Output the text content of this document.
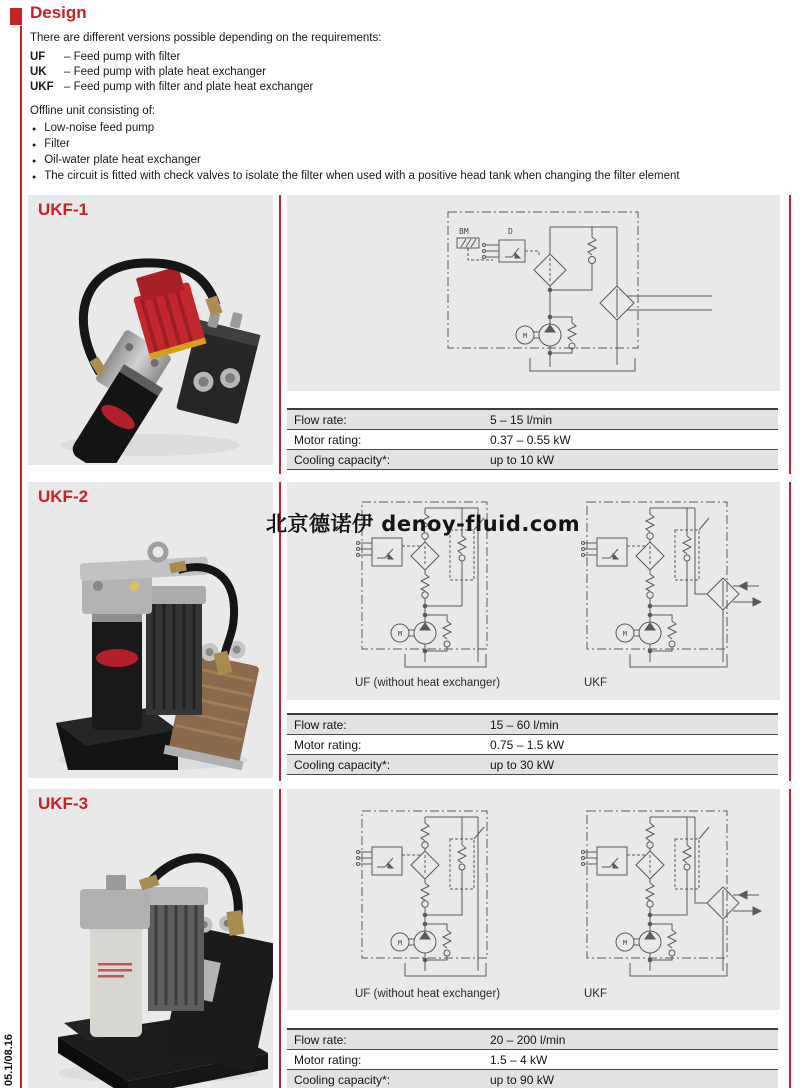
Design
There are different versions possible depending on the requirements:
UF	– Feed pump with filter
UK	– Feed pump with plate heat exchanger
UKF – Feed pump with filter and plate heat exchanger
Offline unit consisting of:
● Low-noise feed pump
● Filter
● Oil-water plate heat exchanger
● The circuit is fitted with check valves to isolate the filter when used with a positive head tank when changing the filter element
UKF-1
BM	D
M
Flow rate:	5 – 15 l/min
Motor rating:	0.37 – 0.55 kW
Cooling capacity*:	up to 10 kW
UKF-2
M	M
UF (without heat exchanger)	UKF
Flow rate:	15 – 60 l/min
Motor rating:	0.75 – 1.5 kW
Cooling capacity*:	up to 30 kW
UKF-3
M	M
UF (without heat exchanger)	UKF
Flow rate:	20 – 200 l/min
Motor rating:	1.5 – 4 kW
Cooling capacity*:	up to 90 kW
05.1/08.16
北京德诺伊 denoy-fluid.com
